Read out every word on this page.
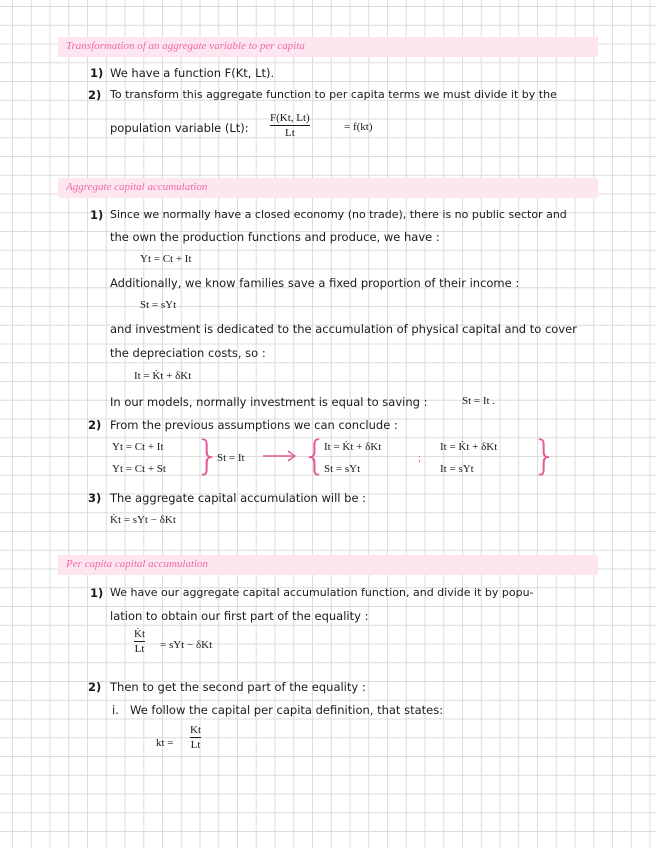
Transformation of an aggregate variable to per capita
1) We have a function F(Kt, Lt).
2) To transform this aggregate function to per capita terms we must divide it by the
population variable (Lt):
F(Kt, Lt)
Lt	= f(kt)
Aggregate capital accumulation
1) Since we normally have a closed economy (no trade), there is no public sector and
the own the production functions and produce, we have :
Yt = Ct + It
Additionally, we know families save a fixed proportion of their income :
St = sYt
and investment is dedicated to the accumulation of physical capital and to cover
the depreciation costs, so :
It = K̇t + δKt
In our models, normally investment is equal to saving :	St = It .
2) From the previous assumptions we can conclude :
Yt = Ct + It
Yt = Ct + St }
St = It {
It = K̇t + δKt
St = sYt
;
It = K̇t + δKt
It = sYt }
3) The aggregate capital accumulation will be :
K̇t = sYt − δKt
Per capita capital accumulation
1) We have our aggregate capital accumulation function, and divide it by popu-
lation to obtain our first part of the equality :
K̇t
Lt = sYt − δKt
2) Then to get the second part of the equality :
i. We follow the capital per capita definition, that states:
kt =
Kt
Lt
